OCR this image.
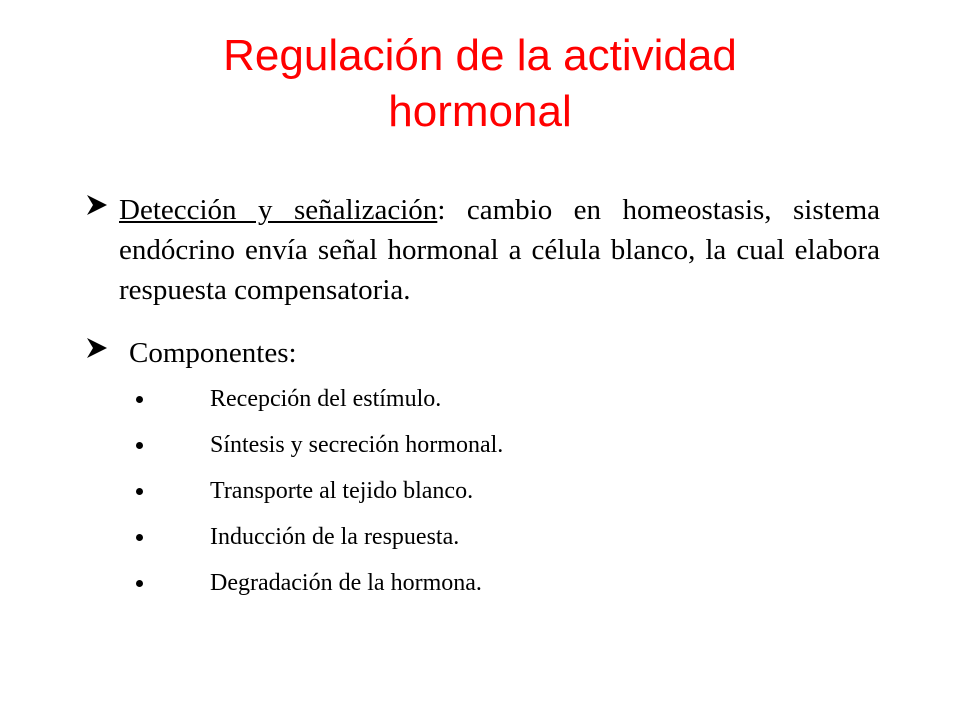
Regulación de la actividad
hormonal

Detección y señalización: cambio en homeostasis, sistema endócrino envía señal hormonal a célula blanco, la cual elabora respuesta compensatoria.

Componentes:

Recepción del estímulo.
Síntesis y secreción hormonal.
Transporte al tejido blanco.
Inducción de la respuesta.
Degradación de la hormona.
